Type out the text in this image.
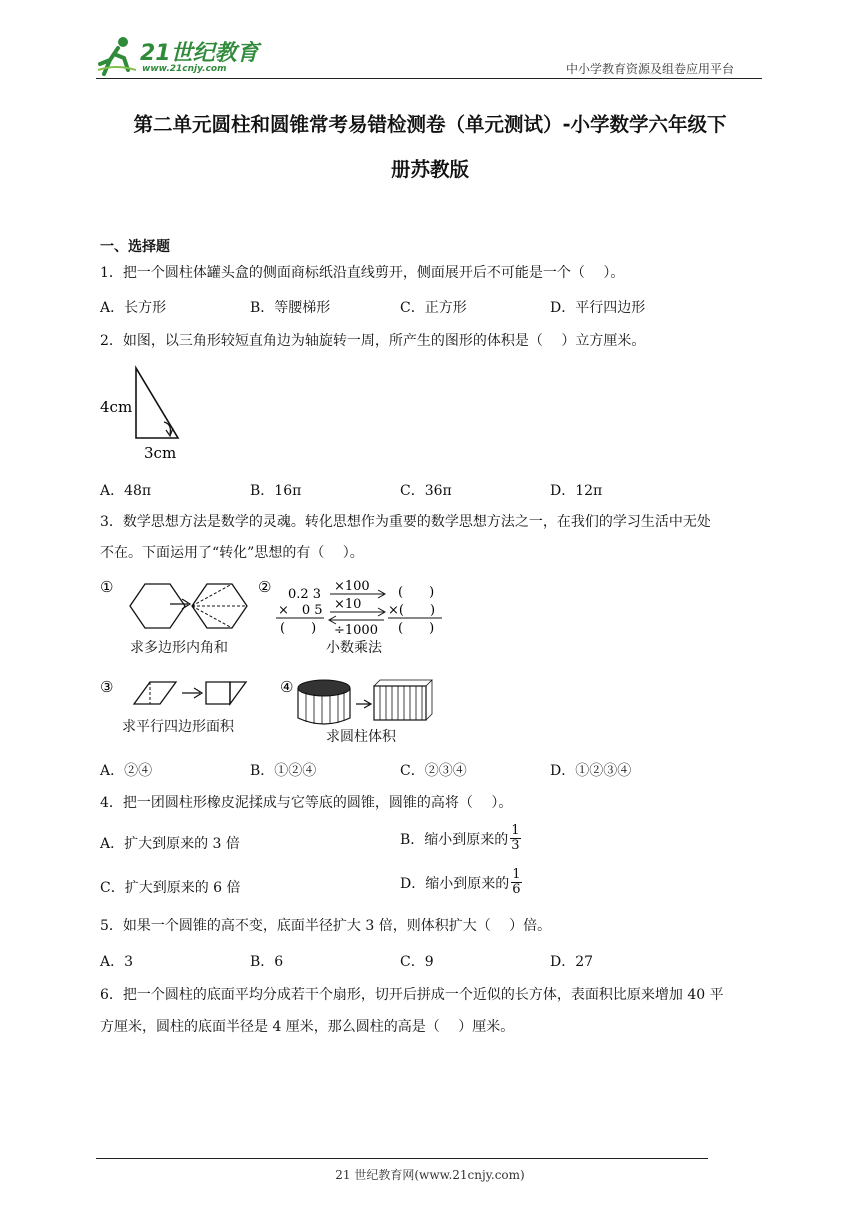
21世纪教育
www.21cnjy.com	中小学教育资源及组卷应用平台
第二单元圆柱和圆锥常考易错检测卷（单元测试）-小学数学六年级下
册苏教版
一、选择题
1．把一个圆柱体罐头盒的侧面商标纸沿直线剪开，侧面展开后不可能是一个（　 ）。
A．长方形	B．等腰梯形	C．正方形	D．平行四边形
2．如图，以三角形较短直角边为轴旋转一周，所产生的图形的体积是（　 ）立方厘米。
4cm
3cm
A．48π	B．16π	C．36π	D．12π
3．数学思想方法是数学的灵魂。转化思想作为重要的数学思想方法之一，在我们的学习生活中无处
不在。下面运用了“转化”思想的有（　 ）。
①
求多边形内角和
② 0.2 3
×　0 5
(　　)
×100
×10
÷1000
(　　)
×(　　)
(　　)
小数乘法
③
求平行四边形面积
④
求圆柱体积
A．②④	B．①②④	C．②③④	D．①②③④
4．把一团圆柱形橡皮泥揉成与它等底的圆锥，圆锥的高将（　 ）。
A．扩大到原来的 3 倍	B．缩小到原来的 $\frac{1}{3}$
C．扩大到原来的 6 倍	D．缩小到原来的 $\frac{1}{6}$
5．如果一个圆锥的高不变，底面半径扩大 3 倍，则体积扩大（　 ）倍。
A．3	B．6	C．9	D．27
6．把一个圆柱的底面平均分成若干个扇形，切开后拼成一个近似的长方体，表面积比原来增加 40 平
方厘米，圆柱的底面半径是 4 厘米，那么圆柱的高是（　 ）厘米。
21 世纪教育网(www.21cnjy.com)
